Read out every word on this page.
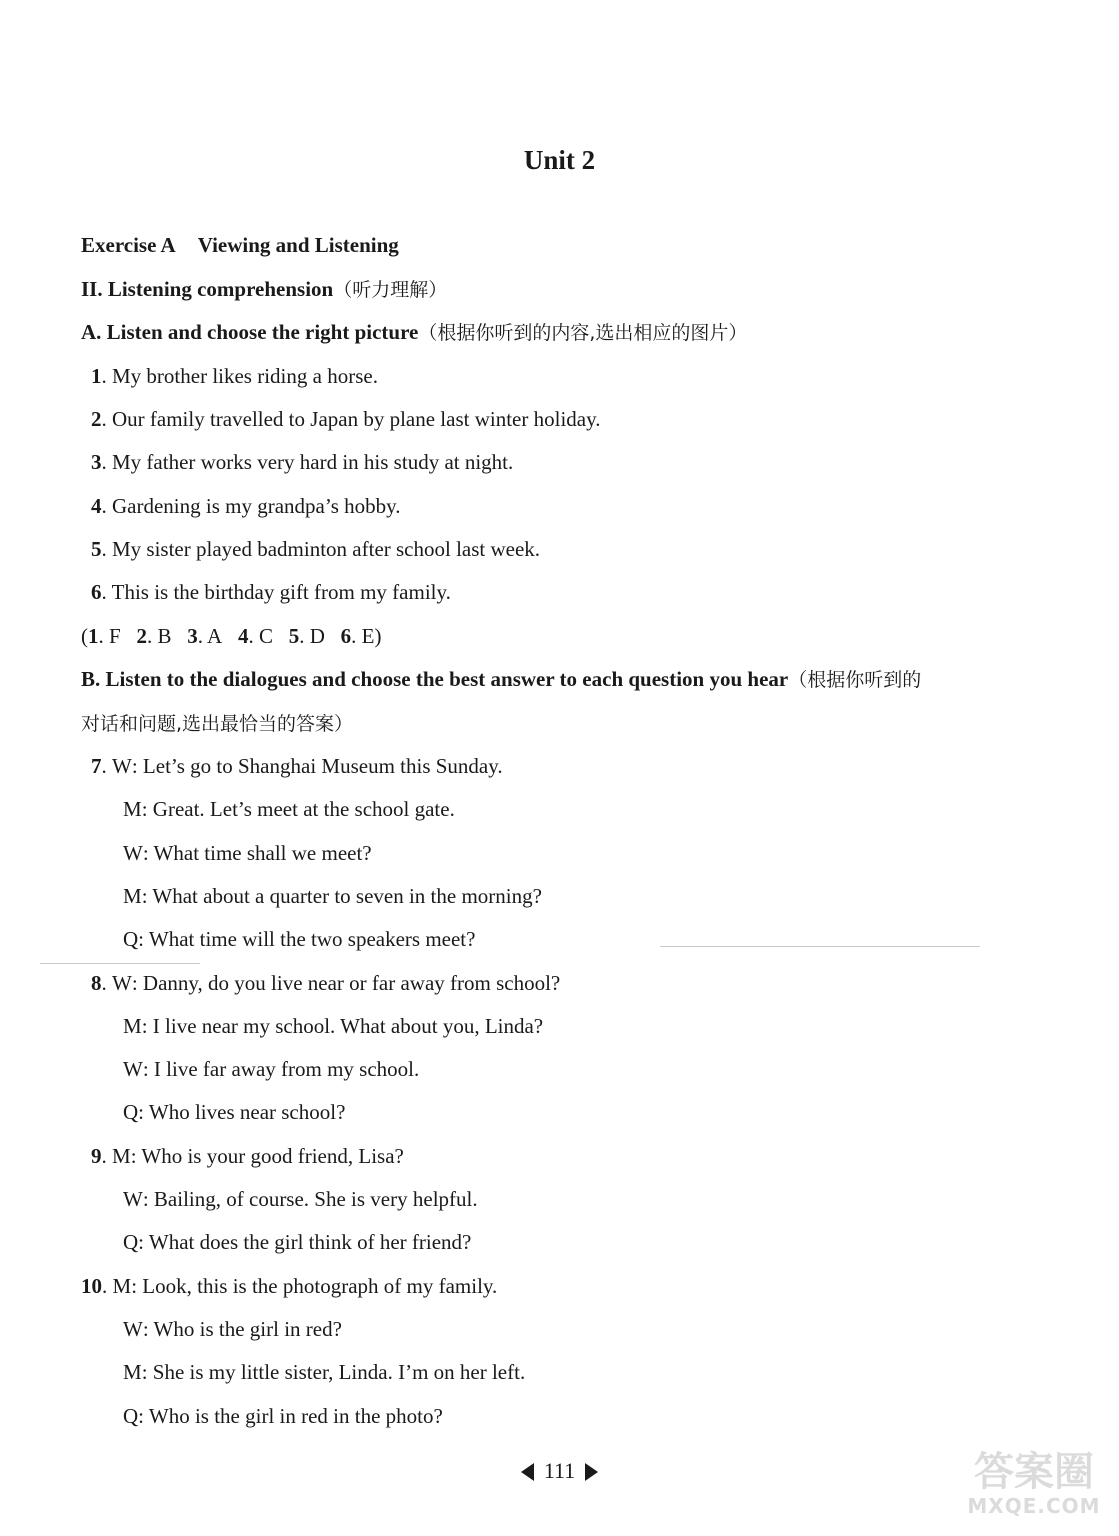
Unit 2
Exercise A Viewing and Listening
II. Listening comprehension（听力理解）
A. Listen and choose the right picture（根据你听到的内容,选出相应的图片）
1. My brother likes riding a horse.
2. Our family travelled to Japan by plane last winter holiday.
3. My father works very hard in his study at night.
4. Gardening is my grandpa’s hobby.
5. My sister played badminton after school last week.
6. This is the birthday gift from my family.
(1. F 2. B 3. A 4. C 5. D 6. E)
B. Listen to the dialogues and choose the best answer to each question you hear（根据你听到的
对话和问题,选出最恰当的答案）
7. W: Let’s go to Shanghai Museum this Sunday.
M: Great. Let’s meet at the school gate.
W: What time shall we meet?
M: What about a quarter to seven in the morning?
Q: What time will the two speakers meet?
8. W: Danny, do you live near or far away from school?
M: I live near my school. What about you, Linda?
W: I live far away from my school.
Q: Who lives near school?
9. M: Who is your good friend, Lisa?
W: Bailing, of course. She is very helpful.
Q: What does the girl think of her friend?
10. M: Look, this is the photograph of my family.
W: Who is the girl in red?
M: She is my little sister, Linda. I’m on her left.
Q: Who is the girl in red in the photo?
111	答案圈
MXQE.COM
